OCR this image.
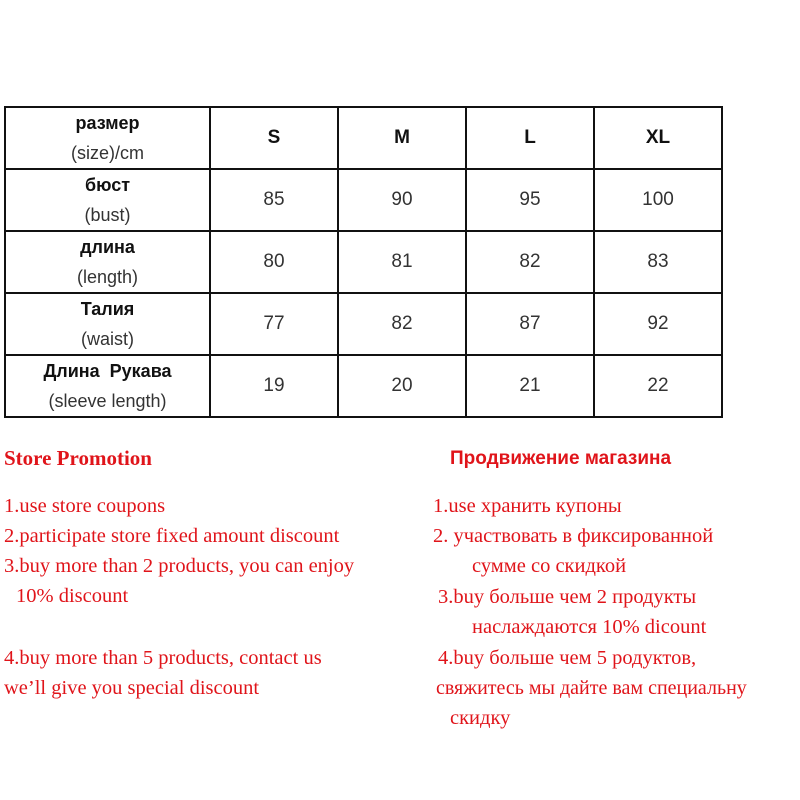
размер
(size)/cm	S	M	L	XL

бюст
(bust)	85	90	95	100

длина
(length)	80	81	82	83

Талия
(waist)	77	82	87	92

Длина  Рукава
(sleeve length)	19	20	21	22
Store Promotion
1.use store coupons
2.participate store fixed amount discount
3.buy more than 2 products, you can enjoy
10% discount
4.buy more than 5 products, contact us
we’ll give you special discount
Продвижение магазина
1.use хранить купоны
2. участвовать в фиксированной
сумме со скидкой
3.buy больше чем 2 продукты
наслаждаются 10% dicount
4.buy больше чем 5 родуктов,
свяжитесь мы дайте вам специальну
скидку
